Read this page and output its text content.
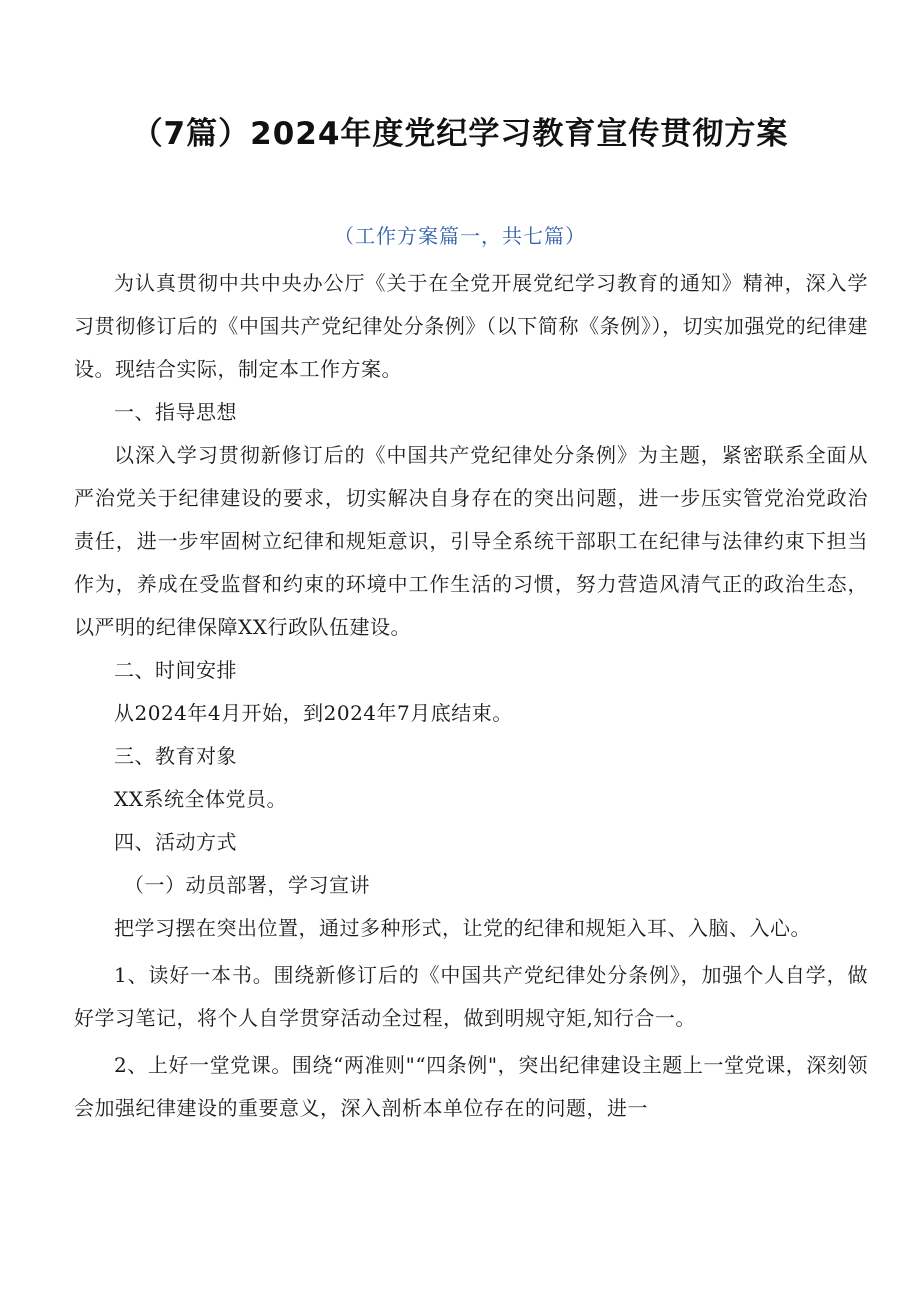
（7篇）2024年度党纪学习教育宣传贯彻方案
（工作方案篇一，共七篇）

为认真贯彻中共中央办公厅《关于在全党开展党纪学习教育的通知》精神，深入学习贯彻修订后的《中国共产党纪律处分条例》（以下简称《条例》），切实加强党的纪律建设。现结合实际，制定本工作方案。

一、指导思想

以深入学习贯彻新修订后的《中国共产党纪律处分条例》为主题，紧密联系全面从严治党关于纪律建设的要求，切实解决自身存在的突出问题，进一步压实管党治党政治责任，进一步牢固树立纪律和规矩意识，引导全系统干部职工在纪律与法律约束下担当作为，养成在受监督和约束的环境中工作生活的习惯，努力营造风清气正的政治生态，以严明的纪律保障XX行政队伍建设。

二、时间安排

从2024年4月开始，到2024年7月底结束。

三、教育对象

XX系统全体党员。

四、活动方式

（一）动员部署，学习宣讲

把学习摆在突出位置，通过多种形式，让党的纪律和规矩入耳、入脑、入心。

1、读好一本书。围绕新修订后的《中国共产党纪律处分条例》，加强个人自学，做好学习笔记，将个人自学贯穿活动全过程，做到明规守矩,知行合一。

2、上好一堂党课。围绕“两准则"“四条例"，突出纪律建设主题上一堂党课，深刻领会加强纪律建设的重要意义，深入剖析本单位存在的问题，进一
